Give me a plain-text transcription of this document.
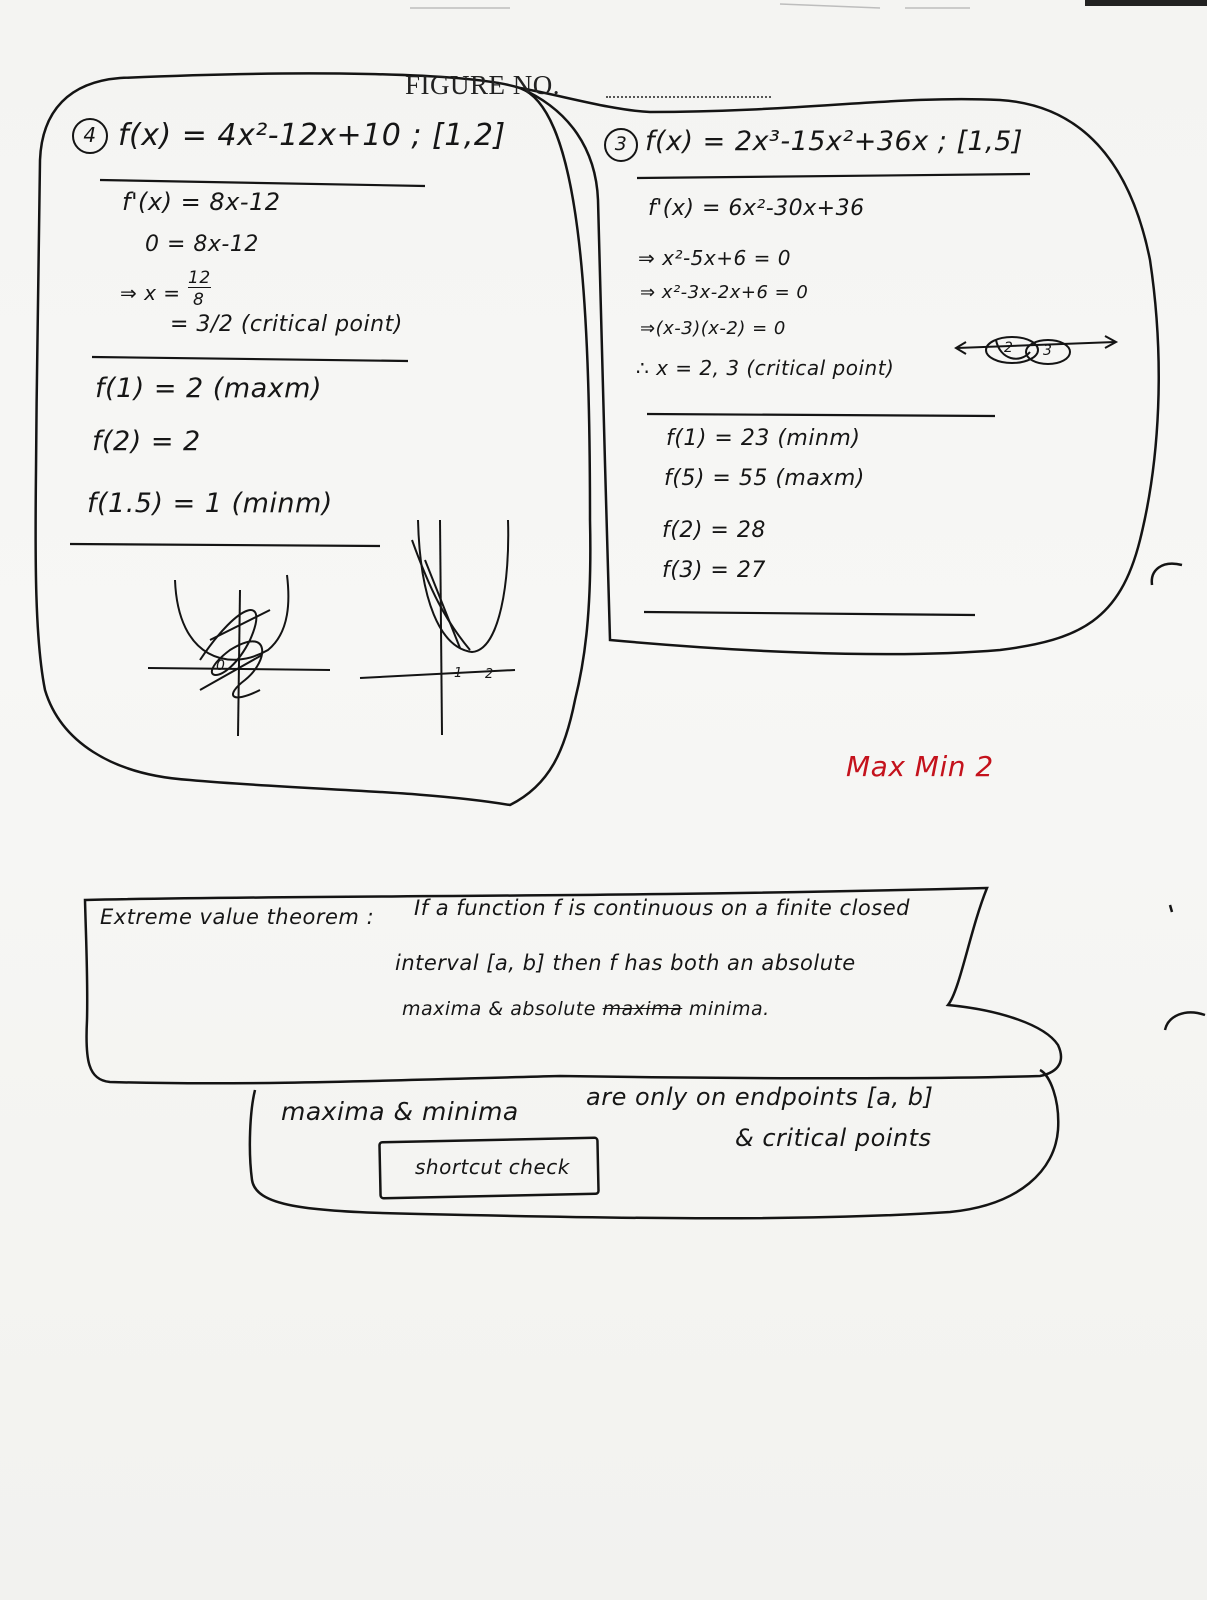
FIGURE NO.
4 f(x) = 4x²-12x+10 ; [1,2]
f'(x) = 8x-12
0 = 8x-12
⇒ x =
12
8
= 3/2 (critical point)
f(1) = 2 (maxm)
f(2) = 2
f(1.5) = 1 (minm)
0	1 2
3 f(x) = 2x³-15x²+36x ; [1,5]
f'(x) = 6x²-30x+36
⇒ x²-5x+6 = 0
⇒ x²-3x-2x+6 = 0
⇒(x-3)(x-2) = 0
∴ x = 2, 3 (critical point)
2 3
f(1) = 23 (minm)
f(5) = 55 (maxm)
f(2) = 28
f(3) = 27
Max Min 2
Extreme value theorem : If a function f is continuous on a finite closed
interval [a, b] then f has both an absolute
maxima & absolute maxima minima.
maxima & minima	are only on endpoints [a, b]
& critical points
shortcut check
